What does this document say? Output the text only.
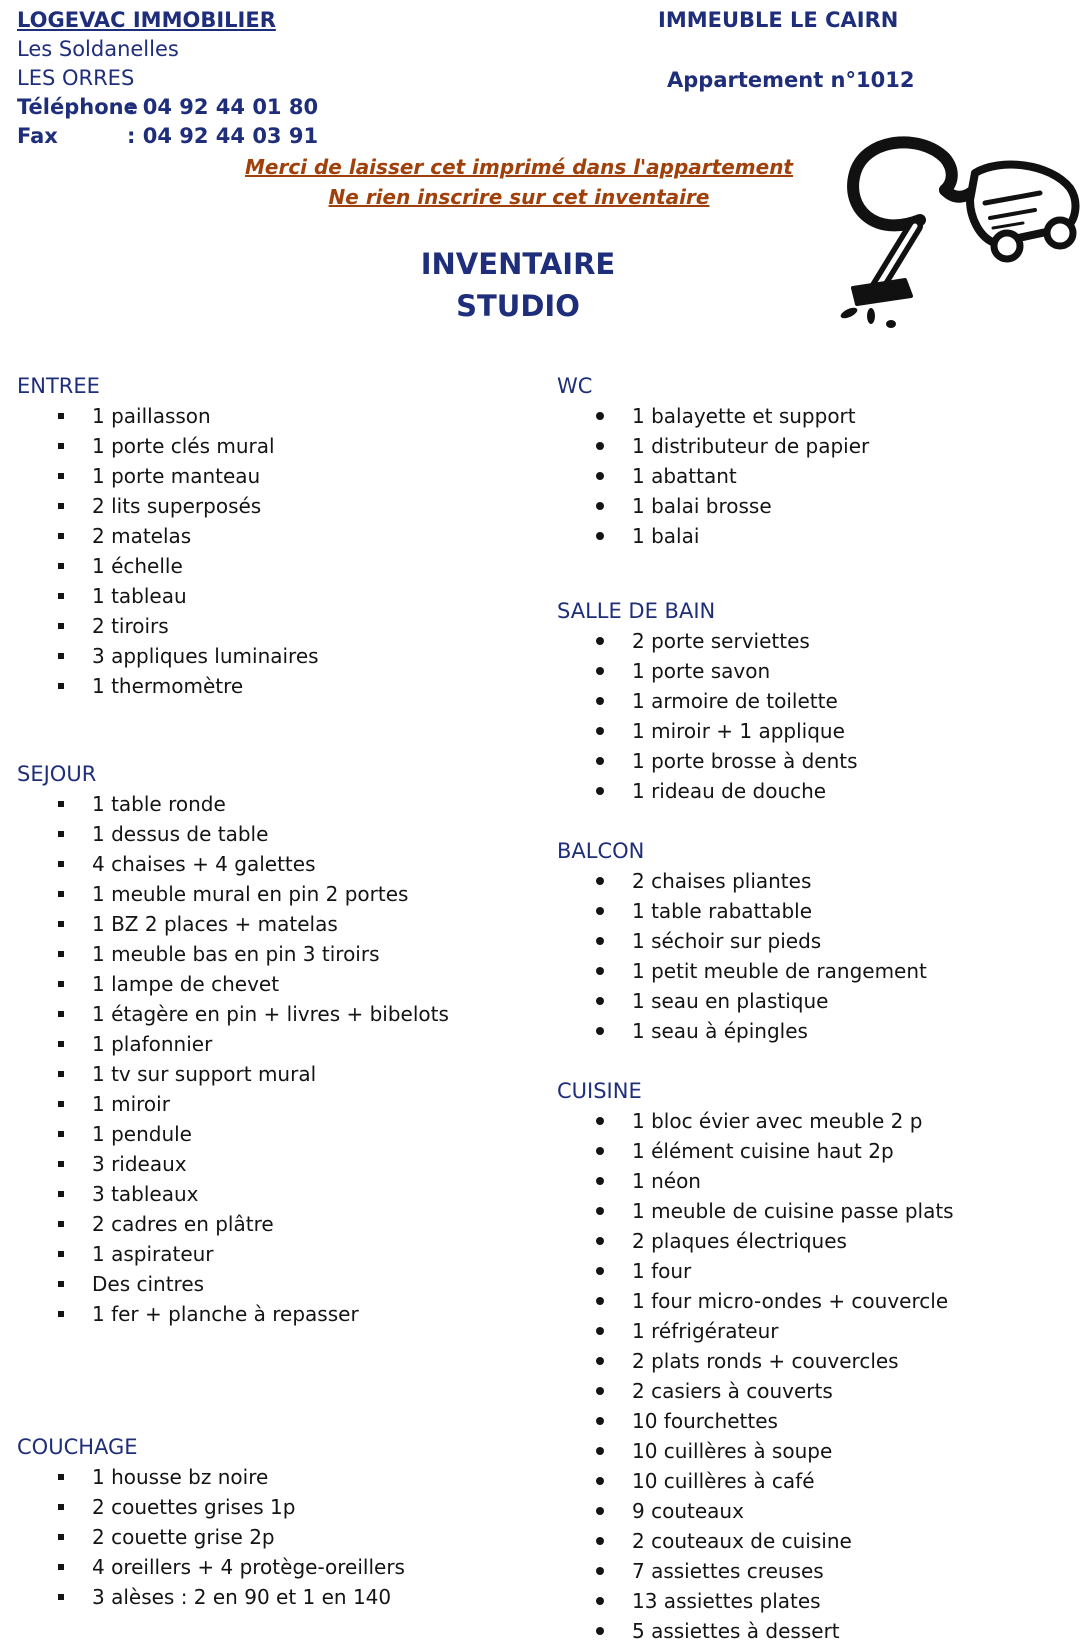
LOGEVAC IMMOBILIER
Les Soldanelles
LES ORRES
Téléphone
: 04 92 44 01 80
Fax	: 04 92 44 03 91
IMMEUBLE LE CAIRN
Appartement n°1012
Merci de laisser cet imprimé dans l'appartement
Ne rien inscrire sur cet inventaire
INVENTAIRE
STUDIO
ENTREE
1 paillasson
1 porte clés mural
1 porte manteau
2 lits superposés
2 matelas
1 échelle
1 tableau
2 tiroirs
3 appliques luminaires
1 thermomètre
SEJOUR
1 table ronde
1 dessus de table
4 chaises + 4 galettes
1 meuble mural en pin 2 portes
1 BZ 2 places + matelas
1 meuble bas en pin 3 tiroirs
1 lampe de chevet
1 étagère en pin + livres + bibelots
1 plafonnier
1 tv sur support mural
1 miroir
1 pendule
3 rideaux
3 tableaux
2 cadres en plâtre
1 aspirateur
Des cintres
1 fer + planche à repasser
COUCHAGE
1 housse bz noire
2 couettes grises 1p
2 couette grise 2p
4 oreillers + 4 protège-oreillers
3 alèses : 2 en 90 et 1 en 140
WC
1 balayette et support
1 distributeur de papier
1 abattant
1 balai brosse
1 balai
SALLE DE BAIN
2 porte serviettes
1 porte savon
1 armoire de toilette
1 miroir + 1 applique
1 porte brosse à dents
1 rideau de douche
BALCON
2 chaises pliantes
1 table rabattable
1 séchoir sur pieds
1 petit meuble de rangement
1 seau en plastique
1 seau à épingles
CUISINE
1 bloc évier avec meuble 2 p
1 élément cuisine haut 2p
1 néon
1 meuble de cuisine passe plats
2 plaques électriques
1 four
1 four micro-ondes + couvercle
1 réfrigérateur
2 plats ronds + couvercles
2 casiers à couverts
10 fourchettes
10 cuillères à soupe
10 cuillères à café
9 couteaux
2 couteaux de cuisine
7 assiettes creuses
13 assiettes plates
5 assiettes à dessert
